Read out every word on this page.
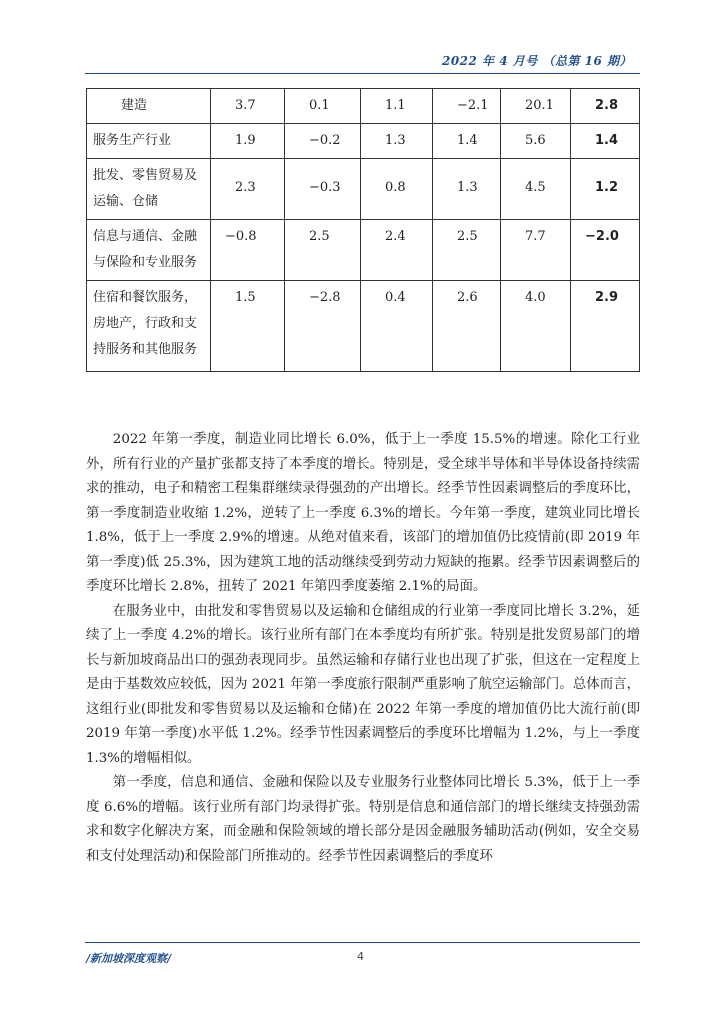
2022 年 4 月号 （总第 16 期）
建造	3.7	0.1	1.1	−2.1	20.1	2.8
服务生产行业	1.9	−0.2	1.3	1.4	5.6	1.4
批发、零售贸易及运输、仓储	2.3	−0.3	0.8	1.3	4.5	1.2
信息与通信、金融与保险和专业服务	−0.8	2.5	2.4	2.5	7.7	−2.0
住宿和餐饮服务，房地产，行政和支持服务和其他服务	1.5	−2.8	0.4	2.6	4.0	2.9

2022 年第一季度，制造业同比增长 6.0%，低于上一季度 15.5%的增速。除化工行业外，所有行业的产量扩张都支持了本季度的增长。特别是，受全球半导体和半导体设备持续需求的推动，电子和精密工程集群继续录得强劲的产出增长。经季节性因素调整后的季度环比，第一季度制造业收缩 1.2%，逆转了上一季度 6.3%的增长。今年第一季度，建筑业同比增长 1.8%，低于上一季度 2.9%的增速。从绝对值来看，该部门的增加值仍比疫情前(即 2019 年第一季度)低 25.3%，因为建筑工地的活动继续受到劳动力短缺的拖累。经季节因素调整后的季度环比增长 2.8%，扭转了 2021 年第四季度萎缩 2.1%的局面。

在服务业中，由批发和零售贸易以及运输和仓储组成的行业第一季度同比增长 3.2%，延续了上一季度 4.2%的增长。该行业所有部门在本季度均有所扩张。特别是批发贸易部门的增长与新加坡商品出口的强劲表现同步。虽然运输和存储行业也出现了扩张，但这在一定程度上是由于基数效应较低，因为 2021 年第一季度旅行限制严重影响了航空运输部门。总体而言，这组行业(即批发和零售贸易以及运输和仓储)在 2022 年第一季度的增加值仍比大流行前(即 2019 年第一季度)水平低 1.2%。经季节性因素调整后的季度环比增幅为 1.2%，与上一季度 1.3%的增幅相似。

第一季度，信息和通信、金融和保险以及专业服务行业整体同比增长 5.3%，低于上一季度 6.6%的增幅。该行业所有部门均录得扩张。特别是信息和通信部门的增长继续支持强劲需求和数字化解决方案，而金融和保险领域的增长部分是因金融服务辅助活动(例如，安全交易和支付处理活动)和保险部门所推动的。经季节性因素调整后的季度环

/新加坡深度观察/	4
